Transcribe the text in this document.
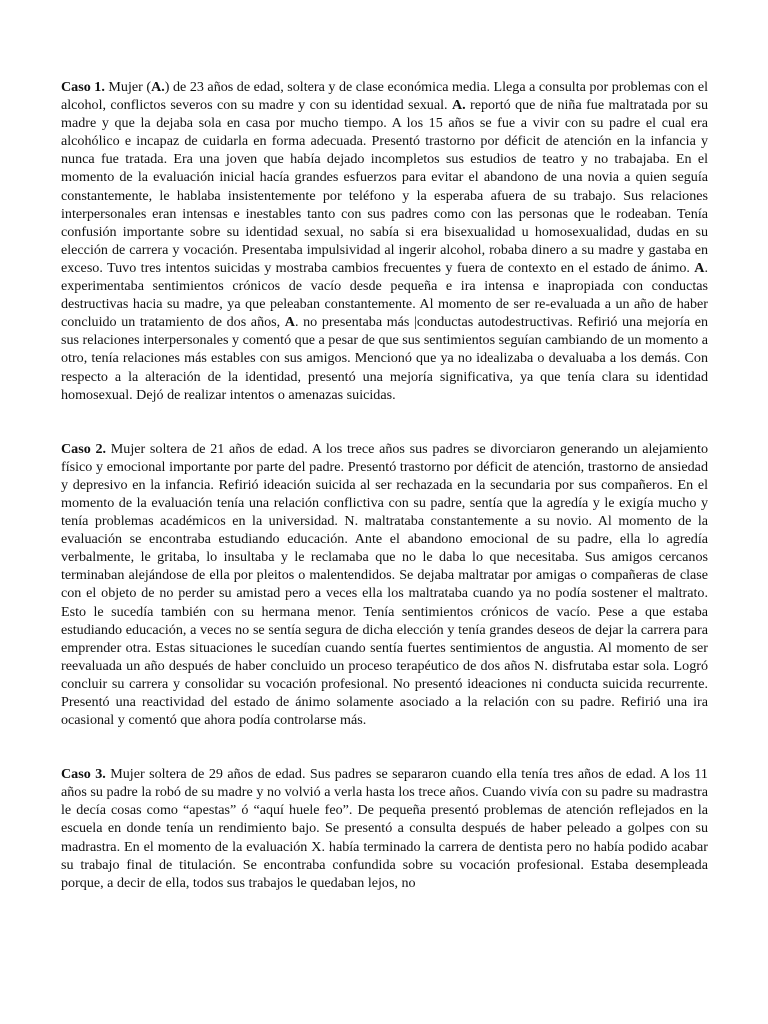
Caso 1. Mujer (A.) de 23 años de edad, soltera y de clase económica media. Llega a consulta por problemas con el alcohol, conflictos severos con su madre y con su identidad sexual. A. reportó que de niña fue maltratada por su madre y que la dejaba sola en casa por mucho tiempo. A los 15 años se fue a vivir con su padre el cual era alcohólico e incapaz de cuidarla en forma adecuada. Presentó trastorno por déficit de atención en la infancia y nunca fue tratada. Era una joven que había dejado incompletos sus estudios de teatro y no trabajaba. En el momento de la evaluación inicial hacía grandes esfuerzos para evitar el abandono de una novia a quien seguía constantemente, le hablaba insistentemente por teléfono y la esperaba afuera de su trabajo. Sus relaciones interpersonales eran intensas e inestables tanto con sus padres como con las personas que le rodeaban. Tenía confusión importante sobre su identidad sexual, no sabía si era bisexualidad u homosexualidad, dudas en su elección de carrera y vocación. Presentaba impulsividad al ingerir alcohol, robaba dinero a su madre y gastaba en exceso. Tuvo tres intentos suicidas y mostraba cambios frecuentes y fuera de contexto en el estado de ánimo. A. experimentaba sentimientos crónicos de vacío desde pequeña e ira intensa e inapropiada con conductas destructivas hacia su madre, ya que peleaban constantemente. Al momento de ser re-evaluada a un año de haber concluido un tratamiento de dos años, A. no presentaba más |conductas autodestructivas. Refirió una mejoría en sus relaciones interpersonales y comentó que a pesar de que sus sentimientos seguían cambiando de un momento a otro, tenía relaciones más estables con sus amigos. Mencionó que ya no idealizaba o devaluaba a los demás. Con respecto a la alteración de la identidad, presentó una mejoría significativa, ya que tenía clara su identidad homosexual. Dejó de realizar intentos o amenazas suicidas.

Caso 2. Mujer soltera de 21 años de edad. A los trece años sus padres se divorciaron generando un alejamiento físico y emocional importante por parte del padre. Presentó trastorno por déficit de atención, trastorno de ansiedad y depresivo en la infancia. Refirió ideación suicida al ser rechazada en la secundaria por sus compañeros. En el momento de la evaluación tenía una relación conflictiva con su padre, sentía que la agredía y le exigía mucho y tenía problemas académicos en la universidad. N. maltrataba constantemente a su novio. Al momento de la evaluación se encontraba estudiando educación. Ante el abandono emocional de su padre, ella lo agredía verbalmente, le gritaba, lo insultaba y le reclamaba que no le daba lo que necesitaba. Sus amigos cercanos terminaban alejándose de ella por pleitos o malentendidos. Se dejaba maltratar por amigas o compañeras de clase con el objeto de no perder su amistad pero a veces ella los maltrataba cuando ya no podía sostener el maltrato. Esto le sucedía también con su hermana menor. Tenía sentimientos crónicos de vacío. Pese a que estaba estudiando educación, a veces no se sentía segura de dicha elección y tenía grandes deseos de dejar la carrera para emprender otra. Estas situaciones le sucedían cuando sentía fuertes sentimientos de angustia. Al momento de ser reevaluada un año después de haber concluido un proceso terapéutico de dos años N. disfrutaba estar sola. Logró concluir su carrera y consolidar su vocación profesional. No presentó ideaciones ni conducta suicida recurrente. Presentó una reactividad del estado de ánimo solamente asociado a la relación con su padre. Refirió una ira ocasional y comentó que ahora podía controlarse más.

Caso 3. Mujer soltera de 29 años de edad. Sus padres se separaron cuando ella tenía tres años de edad. A los 11 años su padre la robó de su madre y no volvió a verla hasta los trece años. Cuando vivía con su padre su madrastra le decía cosas como “apestas” ó “aquí huele feo”. De pequeña presentó problemas de atención reflejados en la escuela en donde tenía un rendimiento bajo. Se presentó a consulta después de haber peleado a golpes con su madrastra. En el momento de la evaluación X. había terminado la carrera de dentista pero no había podido acabar su trabajo final de titulación. Se encontraba confundida sobre su vocación profesional. Estaba desempleada porque, a decir de ella, todos sus trabajos le quedaban lejos, no
